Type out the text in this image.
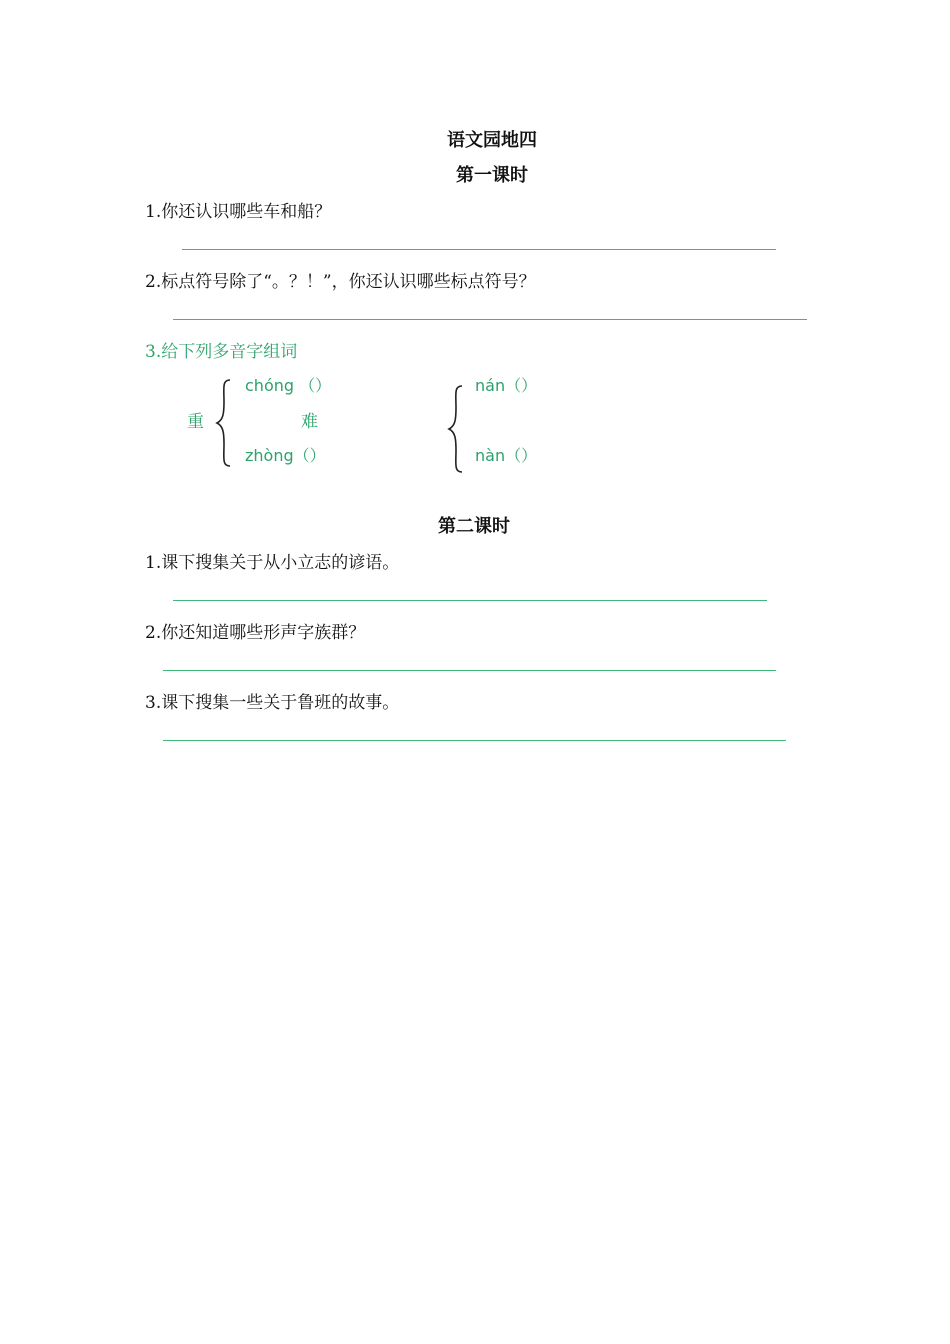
语文园地四
第一课时
1.你还认识哪些车和船？
2.标点符号除了“。？！”，你还认识哪些标点符号？
3.给下列多音字组词
重
chóng （）
zhòng（）
难
nán（）
nàn（）
第二课时
1.课下搜集关于从小立志的谚语。
2.你还知道哪些形声字族群？
3.课下搜集一些关于鲁班的故事。
